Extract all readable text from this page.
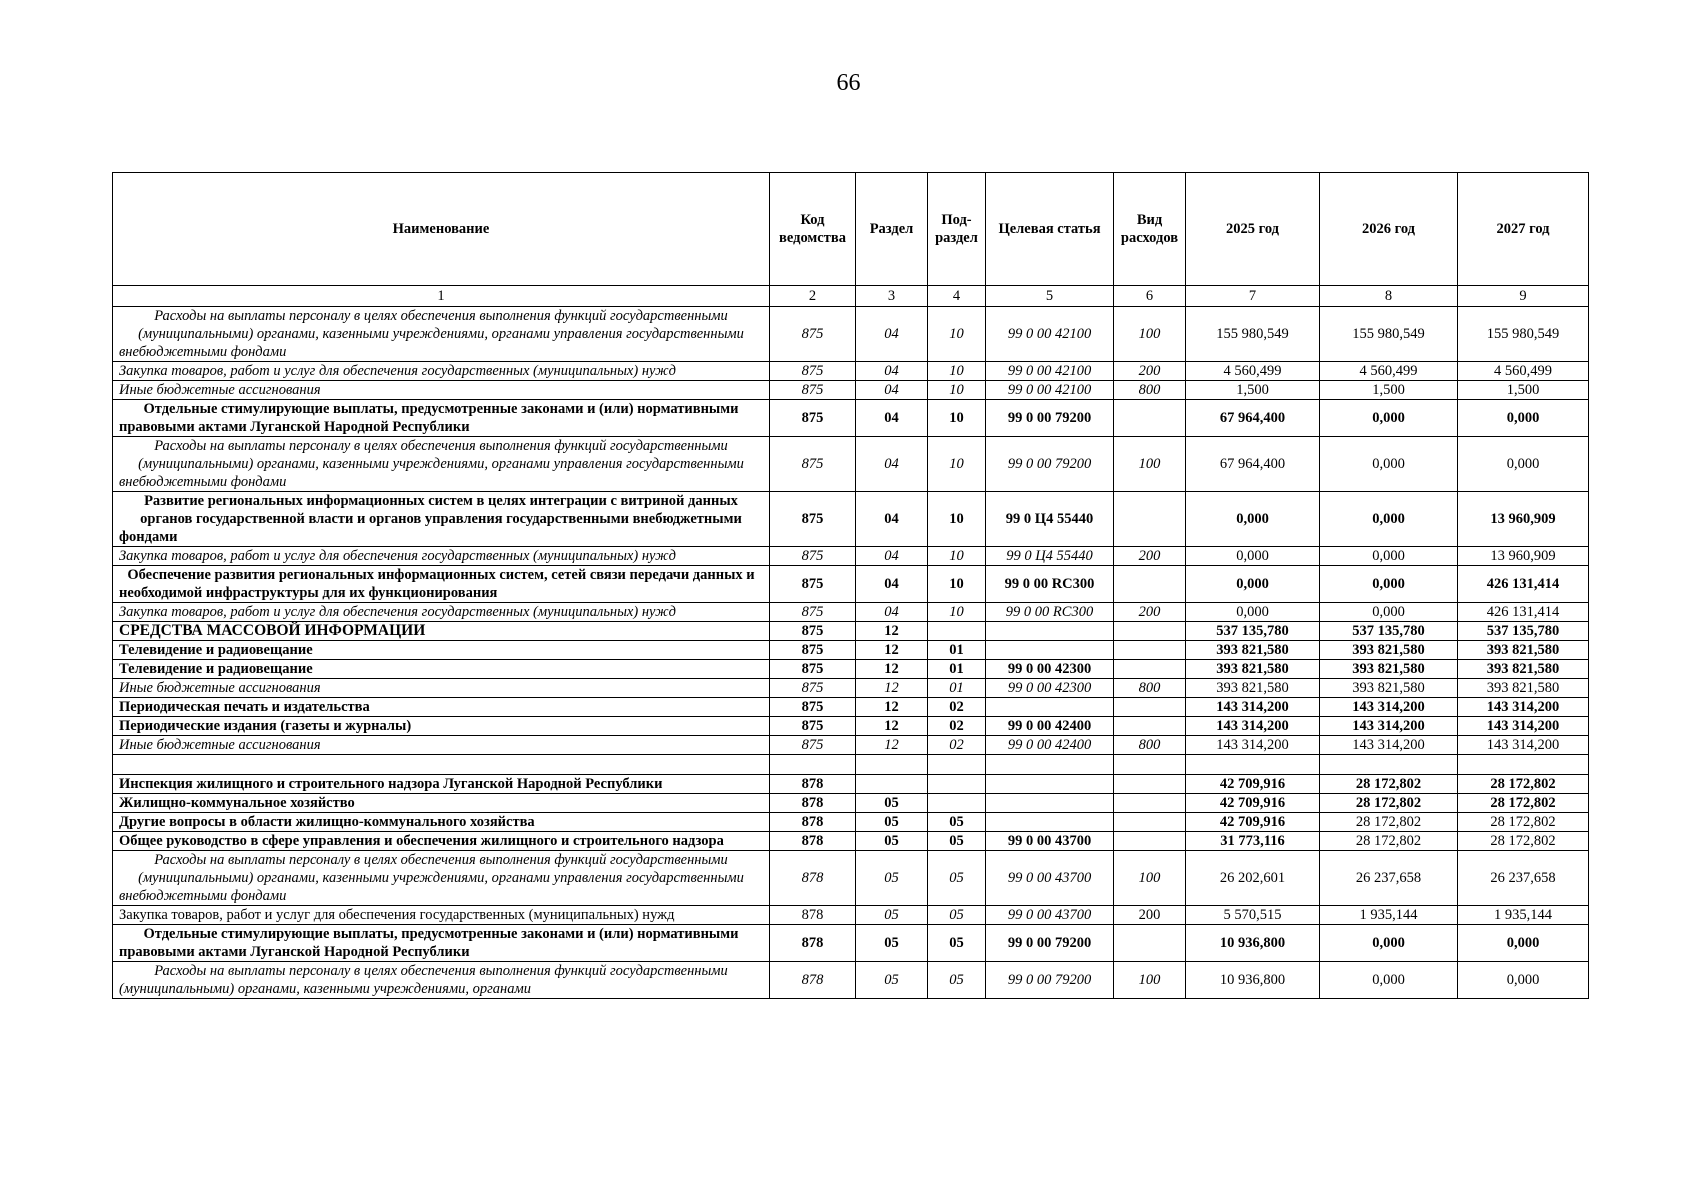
66
Наименование	Код ведомства	Раздел	Под-раздел	Целевая статья	Вид расходов	2025 год	2026 год	2027 год
1	2	3	4	5	6	7	8	9
Расходы на выплаты персоналу в целях обеспечения выполнения функций государственными (муниципальными) органами, казенными учреждениями, органами управления государственными внебюджетными фондами	875	04	10	99 0 00 42100	100	155 980,549	155 980,549	155 980,549
Закупка товаров, работ и услуг для обеспечения государственных (муниципальных) нужд	875	04	10	99 0 00 42100	200	4 560,499	4 560,499	4 560,499
Иные бюджетные ассигнования	875	04	10	99 0 00 42100	800	1,500	1,500	1,500
Отдельные стимулирующие выплаты, предусмотренные законами и (или) нормативными правовыми актами Луганской Народной Республики	875	04	10	99 0 00 79200		67 964,400	0,000	0,000
Расходы на выплаты персоналу в целях обеспечения выполнения функций государственными (муниципальными) органами, казенными учреждениями, органами управления государственными внебюджетными фондами	875	04	10	99 0 00 79200	100	67 964,400	0,000	0,000
Развитие региональных информационных систем в целях интеграции с витриной данных органов государственной власти и органов управления государственными внебюджетными фондами	875	04	10	99 0 Ц4 55440		0,000	0,000	13 960,909
Закупка товаров, работ и услуг для обеспечения государственных (муниципальных) нужд	875	04	10	99 0 Ц4 55440	200	0,000	0,000	13 960,909
Обеспечение развития региональных информационных систем, сетей связи передачи данных и необходимой инфраструктуры для их функционирования	875	04	10	99 0 00 RC300		0,000	0,000	426 131,414
Закупка товаров, работ и услуг для обеспечения государственных (муниципальных) нужд	875	04	10	99 0 00 RC300	200	0,000	0,000	426 131,414
СРЕДСТВА МАССОВОЙ ИНФОРМАЦИИ	875	12				537 135,780	537 135,780	537 135,780
Телевидение и радиовещание	875	12	01			393 821,580	393 821,580	393 821,580
Телевидение и радиовещание	875	12	01	99 0 00 42300		393 821,580	393 821,580	393 821,580
Иные бюджетные ассигнования	875	12	01	99 0 00 42300	800	393 821,580	393 821,580	393 821,580
Периодическая печать и издательства	875	12	02			143 314,200	143 314,200	143 314,200
Периодические издания (газеты и журналы)	875	12	02	99 0 00 42400		143 314,200	143 314,200	143 314,200
Иные бюджетные ассигнования	875	12	02	99 0 00 42400	800	143 314,200	143 314,200	143 314,200

Инспекция жилищного и строительного надзора Луганской Народной Республики	878					42 709,916	28 172,802	28 172,802
Жилищно-коммунальное хозяйство	878	05				42 709,916	28 172,802	28 172,802
Другие вопросы в области жилищно-коммунального хозяйства	878	05	05			42 709,916	28 172,802	28 172,802
Общее руководство в сфере управления и обеспечения жилищного и строительного надзора	878	05	05	99 0 00 43700		31 773,116	28 172,802	28 172,802
Расходы на выплаты персоналу в целях обеспечения выполнения функций государственными (муниципальными) органами, казенными учреждениями, органами управления государственными внебюджетными фондами	878	05	05	99 0 00 43700	100	26 202,601	26 237,658	26 237,658
Закупка товаров, работ и услуг для обеспечения государственных (муниципальных) нужд	878	05	05	99 0 00 43700	200	5 570,515	1 935,144	1 935,144
Отдельные стимулирующие выплаты, предусмотренные законами и (или) нормативными правовыми актами Луганской Народной Республики	878	05	05	99 0 00 79200		10 936,800	0,000	0,000
Расходы на выплаты персоналу в целях обеспечения выполнения функций государственными (муниципальными) органами, казенными учреждениями, органами	878	05	05	99 0 00 79200	100	10 936,800	0,000	0,000
